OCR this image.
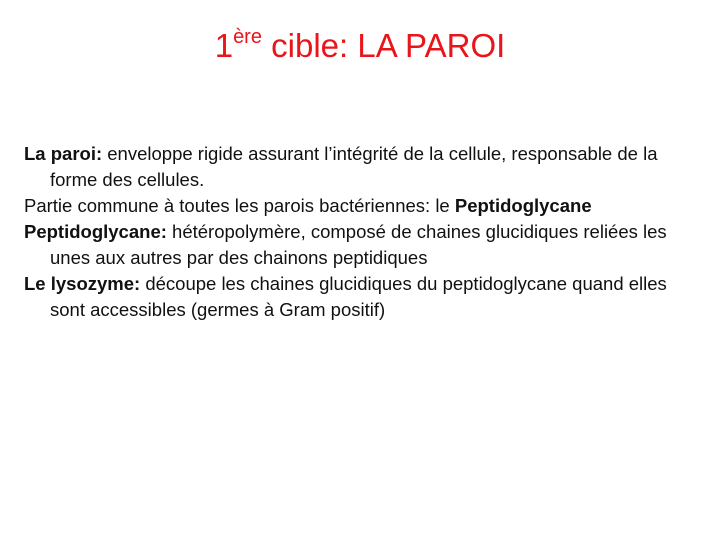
1ère cible: LA PAROI

La paroi: enveloppe rigide assurant l’intégrité de la cellule, responsable de la forme des cellules.

Partie commune à toutes les parois bactériennes: le Peptidoglycane

Peptidoglycane: hétéropolymère, composé de chaines glucidiques reliées les unes aux autres par des chainons peptidiques

Le lysozyme: découpe les chaines glucidiques du peptidoglycane quand elles sont accessibles (germes à Gram positif)
